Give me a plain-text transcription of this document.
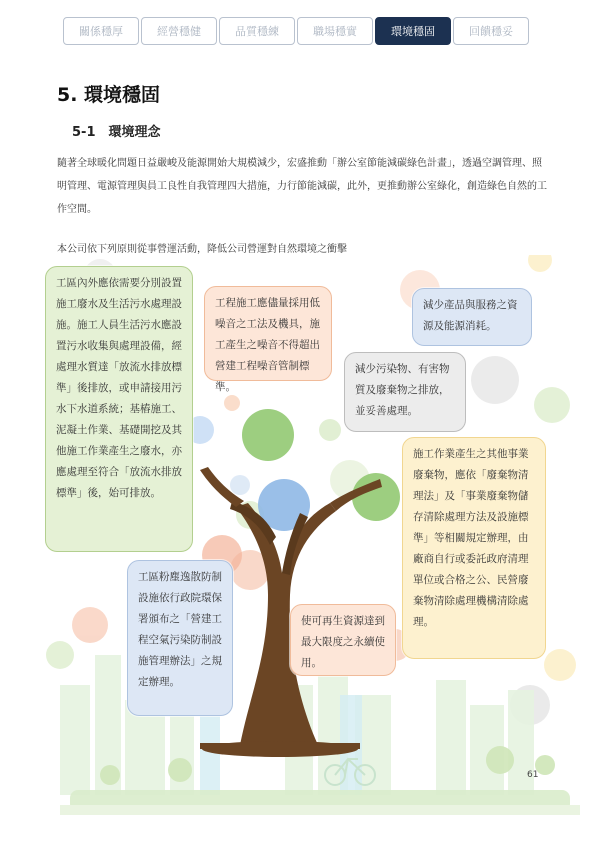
關係穩厚	經營穩健	品質穩練	職場穩實	環境穩固	回饋穩妥
5. 環境穩固
5-1　環境理念

隨著全球暖化問題日益嚴峻及能源開始大規模減少，宏盛推動「辦公室節能減碳綠色計畫」，透過空調管理、照明管理、電源管理與員工良性自我管理四大措施，力行節能減碳，此外，更推動辦公室綠化，創造綠色自然的工作空間。

本公司依下列原則從事營運活動，降低公司營運對自然環境之衝擊

工區內外應依需要分別設置施工廢水及生活污水處理設施。施工人員生活污水應設置污水收集與處理設備，經處理水質達「放流水排放標準」後排放，或申請接用污水下水道系統；基樁施工、泥凝土作業、基礎開挖及其他施工作業產生之廢水，亦應處理至符合「放流水排放標準」後，始可排放。
工程施工應儘量採用低噪音之工法及機具，施工產生之噪音不得超出營建工程噪音管制標準。
減少產品與服務之資源及能源消耗。
減少污染物、有害物質及廢棄物之排放，並妥善處理。
施工作業產生之其他事業廢棄物，應依「廢棄物清理法」及「事業廢棄物儲存清除處理方法及設施標準」等相關規定辦理，由廠商自行或委託政府清理單位或合格之公、民營廢棄物清除處理機構清除處理。
工區粉塵逸散防制設施依行政院環保署頒布之「營建工程空氣污染防制設施管理辦法」之規定辦理。
使可再生資源達到最大限度之永續使用。
61
